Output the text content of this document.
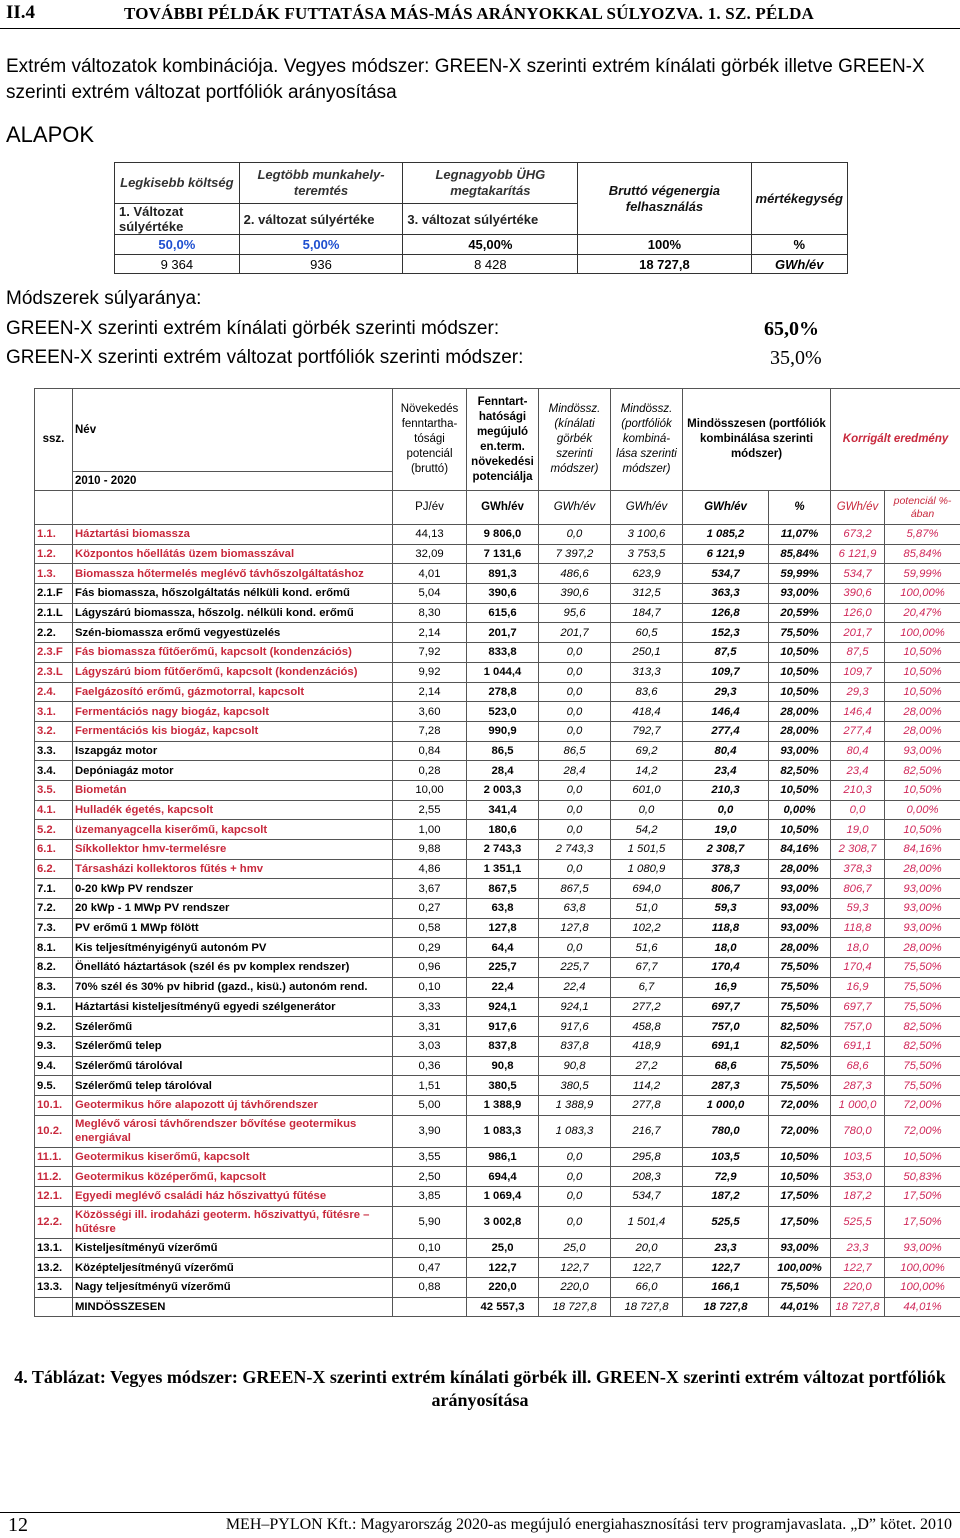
II.4	TOVÁBBI PÉLDÁK FUTTATÁSA MÁS-MÁS ARÁNYOKKAL SÚLYOZVA. 1. SZ. PÉLDA
Extrém változatok kombinációja. Vegyes módszer: GREEN-X szerinti extrém kínálati görbék illetve GREEN-X szerinti extrém változat portfóliók arányosítása
ALAPOK
Legkisebb költség	Legtöbb munkahely-teremtés	Legnagyobb ÜHG megtakarítás	Bruttó végenergia felhasználás	mértékegység
1. Változat súlyértéke	2. változat súlyértéke	3. változat súlyértéke		
50,0%	5,00%	45,00%	100%	%
9 364	936	8 428	18 727,8	GWh/év
Módszerek súlyaránya:
GREEN-X szerinti extrém kínálati görbék szerinti módszer:	65,0%
GREEN-X szerinti extrém változat portfóliók szerinti módszer:	35,0%
ssz.	Név	Növekedés fenntartha-tósági potenciál (bruttó)	Fenntart-hatósági megújuló en.term. növekedési potenciálja	Mindössz. (kínálati görbék szerinti módszer)	Mindössz. (portfóliók kombiná-lása szerinti módszer)	Mindösszesen (portfóliók kombinálása szerinti módszer)		Korrigált eredmény	
	2010 - 2020								
		PJ/év	GWh/év	GWh/év	GWh/év	GWh/év	%	GWh/év	potenciál %-ában
1.1.	Háztartási biomassza	44,13	9 806,0	0,0	3 100,6	1 085,2	11,07%	673,2	5,87%
1.2.	Központos hőellátás üzem biomasszával	32,09	7 131,6	7 397,2	3 753,5	6 121,9	85,84%	6 121,9	85,84%
1.3.	Biomassza hőtermelés meglévő távhőszolgáltatáshoz	4,01	891,3	486,6	623,9	534,7	59,99%	534,7	59,99%
2.1.F	Fás biomassza, hőszolgáltatás nélküli kond. erőmű	5,04	390,6	390,6	312,5	363,3	93,00%	390,6	100,00%
2.1.L	Lágyszárú biomassza, hőszolg. nélküli kond. erőmű	8,30	615,6	95,6	184,7	126,8	20,59%	126,0	20,47%
2.2.	Szén-biomassza erőmű vegyestüzelés	2,14	201,7	201,7	60,5	152,3	75,50%	201,7	100,00%
2.3.F	Fás biomassza fűtőerőmű, kapcsolt (kondenzációs)	7,92	833,8	0,0	250,1	87,5	10,50%	87,5	10,50%
2.3.L	Lágyszárú biom fűtőerőmű, kapcsolt (kondenzációs)	9,92	1 044,4	0,0	313,3	109,7	10,50%	109,7	10,50%
2.4.	Faelgázosító erőmű, gázmotorral, kapcsolt	2,14	278,8	0,0	83,6	29,3	10,50%	29,3	10,50%
3.1.	Fermentációs nagy biogáz, kapcsolt	3,60	523,0	0,0	418,4	146,4	28,00%	146,4	28,00%
3.2.	Fermentációs kis biogáz, kapcsolt	7,28	990,9	0,0	792,7	277,4	28,00%	277,4	28,00%
3.3.	Iszapgáz motor	0,84	86,5	86,5	69,2	80,4	93,00%	80,4	93,00%
3.4.	Depóniagáz motor	0,28	28,4	28,4	14,2	23,4	82,50%	23,4	82,50%
3.5.	Biometán	10,00	2 003,3	0,0	601,0	210,3	10,50%	210,3	10,50%
4.1.	Hulladék égetés, kapcsolt	2,55	341,4	0,0	0,0	0,0	0,00%	0,0	0,00%
5.2.	üzemanyagcella kiserőmű, kapcsolt	1,00	180,6	0,0	54,2	19,0	10,50%	19,0	10,50%
6.1.	Síkkollektor hmv-termelésre	9,88	2 743,3	2 743,3	1 501,5	2 308,7	84,16%	2 308,7	84,16%
6.2.	Társasházi kollektoros fűtés + hmv	4,86	1 351,1	0,0	1 080,9	378,3	28,00%	378,3	28,00%
7.1.	0-20 kWp PV rendszer	3,67	867,5	867,5	694,0	806,7	93,00%	806,7	93,00%
7.2.	20 kWp - 1 MWp PV rendszer	0,27	63,8	63,8	51,0	59,3	93,00%	59,3	93,00%
7.3.	PV erőmű 1 MWp fölött	0,58	127,8	127,8	102,2	118,8	93,00%	118,8	93,00%
8.1.	Kis teljesítményigényű autonóm PV	0,29	64,4	0,0	51,6	18,0	28,00%	18,0	28,00%
8.2.	Önellátó háztartások (szél és pv komplex rendszer)	0,96	225,7	225,7	67,7	170,4	75,50%	170,4	75,50%
8.3.	70% szél és 30% pv hibrid (gazd., kisü.) autonóm rend.	0,10	22,4	22,4	6,7	16,9	75,50%	16,9	75,50%
9.1.	Háztartási kisteljesítményű egyedi szélgenerátor	3,33	924,1	924,1	277,2	697,7	75,50%	697,7	75,50%
9.2.	Szélerőmű	3,31	917,6	917,6	458,8	757,0	82,50%	757,0	82,50%
9.3.	Szélerőmű telep	3,03	837,8	837,8	418,9	691,1	82,50%	691,1	82,50%
9.4.	Szélerőmű tárolóval	0,36	90,8	90,8	27,2	68,6	75,50%	68,6	75,50%
9.5.	Szélerőmű telep tárolóval	1,51	380,5	380,5	114,2	287,3	75,50%	287,3	75,50%
10.1.	Geotermikus hőre alapozott új távhőrendszer	5,00	1 388,9	1 388,9	277,8	1 000,0	72,00%	1 000,0	72,00%
10.2.	Meglévő városi távhőrendszer bővítése geotermikus energiával	3,90	1 083,3	1 083,3	216,7	780,0	72,00%	780,0	72,00%
11.1.	Geotermikus kiserőmű, kapcsolt	3,55	986,1	0,0	295,8	103,5	10,50%	103,5	10,50%
11.2.	Geotermikus középerőmű, kapcsolt	2,50	694,4	0,0	208,3	72,9	10,50%	353,0	50,83%
12.1.	Egyedi meglévő családi ház hőszivattyú fűtése	3,85	1 069,4	0,0	534,7	187,2	17,50%	187,2	17,50%
12.2.	Közösségi ill. irodaházi geoterm. hőszivattyú, fűtésre – hűtésre	5,90	3 002,8	0,0	1 501,4	525,5	17,50%	525,5	17,50%
13.1.	Kisteljesítményű vízerőmű	0,10	25,0	25,0	20,0	23,3	93,00%	23,3	93,00%
13.2.	Középteljesítményű vízerőmű	0,47	122,7	122,7	122,7	122,7	100,00%	122,7	100,00%
13.3.	Nagy teljesítményű vízerőmű	0,88	220,0	220,0	66,0	166,1	75,50%	220,0	100,00%
	MINDÖSSZESEN		42 557,3	18 727,8	18 727,8	18 727,8	44,01%	18 727,8	44,01%
4. Táblázat: Vegyes módszer: GREEN-X szerinti extrém kínálati görbék ill. GREEN-X szerinti extrém változat portfóliók arányosítása
12	MEH–PYLON Kft.: Magyarország 2020-as megújuló energiahasznosítási terv programjavaslata. „D” kötet. 2010
